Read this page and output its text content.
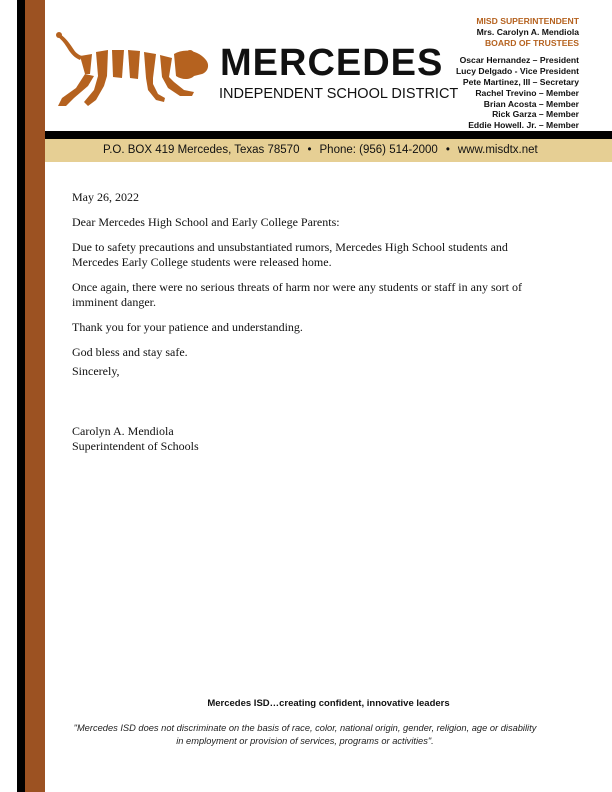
MERCEDES
INDEPENDENT SCHOOL DISTRICT
MISD SUPERINTENDENT
Mrs. Carolyn A. Mendiola
BOARD OF TRUSTEES
Oscar Hernandez – President
Lucy Delgado - Vice President
Pete Martinez, III – Secretary
Rachel Trevino – Member
Brian Acosta – Member
Rick Garza – Member
Eddie Howell. Jr. – Member
P.O. BOX 419 Mercedes, Texas 78570 • Phone: (956) 514-2000 • www.misdtx.net

May 26, 2022

Dear Mercedes High School and Early College Parents:

Due to safety precautions and unsubstantiated rumors, Mercedes High School students and Mercedes Early College students were released home.

Once again, there were no serious threats of harm nor were any students or staff in any sort of imminent danger.

Thank you for your patience and understanding.

God bless and stay safe.

Sincerely,

Carolyn A. Mendiola

Superintendent of Schools

Mercedes ISD…creating confident, innovative leaders
"Mercedes ISD does not discriminate on the basis of race, color, national origin, gender, religion, age or disability in employment or provision of services, programs or activities".
